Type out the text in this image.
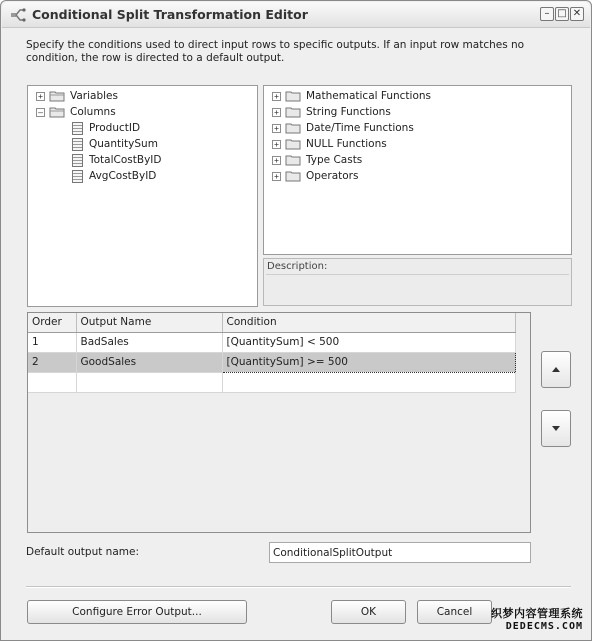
Conditional Split Transformation Editor	– □ ✕
Specify the conditions used to direct input rows to specific outputs. If an input row matches no condition, the row is directed to a default output.
+	Variables
–	Columns
ProductID
QuantitySum
TotalCostByID
AvgCostByID
+	Mathematical Functions
+	String Functions
+	Date/Time Functions
+	NULL Functions
+	Type Casts
+	Operators
Description:
Order	Output Name	Condition
1	BadSales	[QuantitySum] < 500
2	GoodSales	[QuantitySum] >= 500

Default output name:
ConditionalSplitOutput
Configure Error Output...	OK	Cancel	织梦内容管理系统
DEDECMS.COM
